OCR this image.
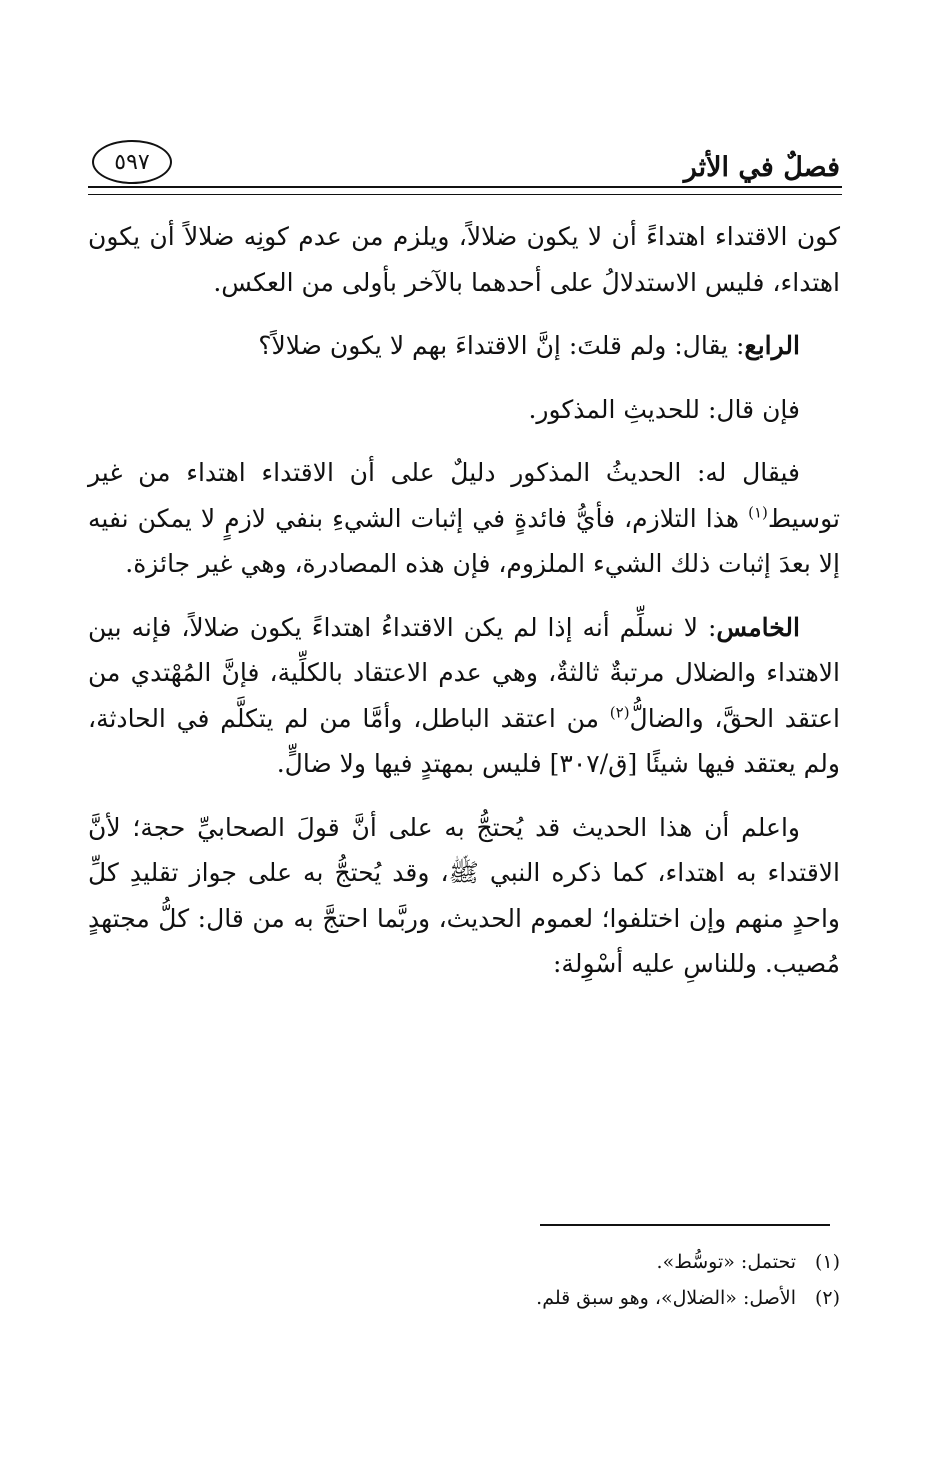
فصلٌ في الأثر
٥٩٧

كون الاقتداء اهتداءً أن لا يكون ضلالاً، ويلزم من عدم كونِه ضلالاً أن يكون اهتداء، فليس الاستدلالُ على أحدهما بالآخر بأولى من العكس.

الرابع: يقال: ولم قلتَ: إنَّ الاقتداءَ بهم لا يكون ضلالاً؟

فإن قال: للحديثِ المذكور.

فيقال له: الحديثُ المذكور دليلٌ على أن الاقتداء اهتداء من غير توسيط$^{(١)}$ هذا التلازم، فأيُّ فائدةٍ في إثبات الشيءِ بنفي لازمٍ لا يمكن نفيه إلا بعدَ إثبات ذلك الشيء الملزوم، فإن هذه المصادرة، وهي غير جائزة.

الخامس: لا نسلِّم أنه إذا لم يكن الاقتداءُ اهتداءً يكون ضلالاً، فإنه بين الاهتداء والضلال مرتبةٌ ثالثةٌ، وهي عدم الاعتقاد بالكلِّية، فإنَّ المُهْتدي من اعتقد الحقَّ، والضالُّ$^{(٢)}$ من اعتقد الباطل، وأمَّا من لم يتكلَّم في الحادثة، ولم يعتقد فيها شيئًا [ق/٣٠٧] فليس بمهتدٍ فيها ولا ضالٍّ.

واعلم أن هذا الحديث قد يُحتجُّ به على أنَّ قولَ الصحابيِّ حجة؛ لأنَّ الاقتداء به اهتداء، كما ذكره النبي ﷺ، وقد يُحتجُّ به على جواز تقليدِ كلِّ واحدٍ منهم وإن اختلفوا؛ لعموم الحديث، وربَّما احتجَّ به من قال: كلُّ مجتهدٍ مُصيب. وللناسِ عليه أسْوِلة:

(١)تحتمل: «توسُّط».

(٢)الأصل: «الضلال»، وهو سبق قلم.
